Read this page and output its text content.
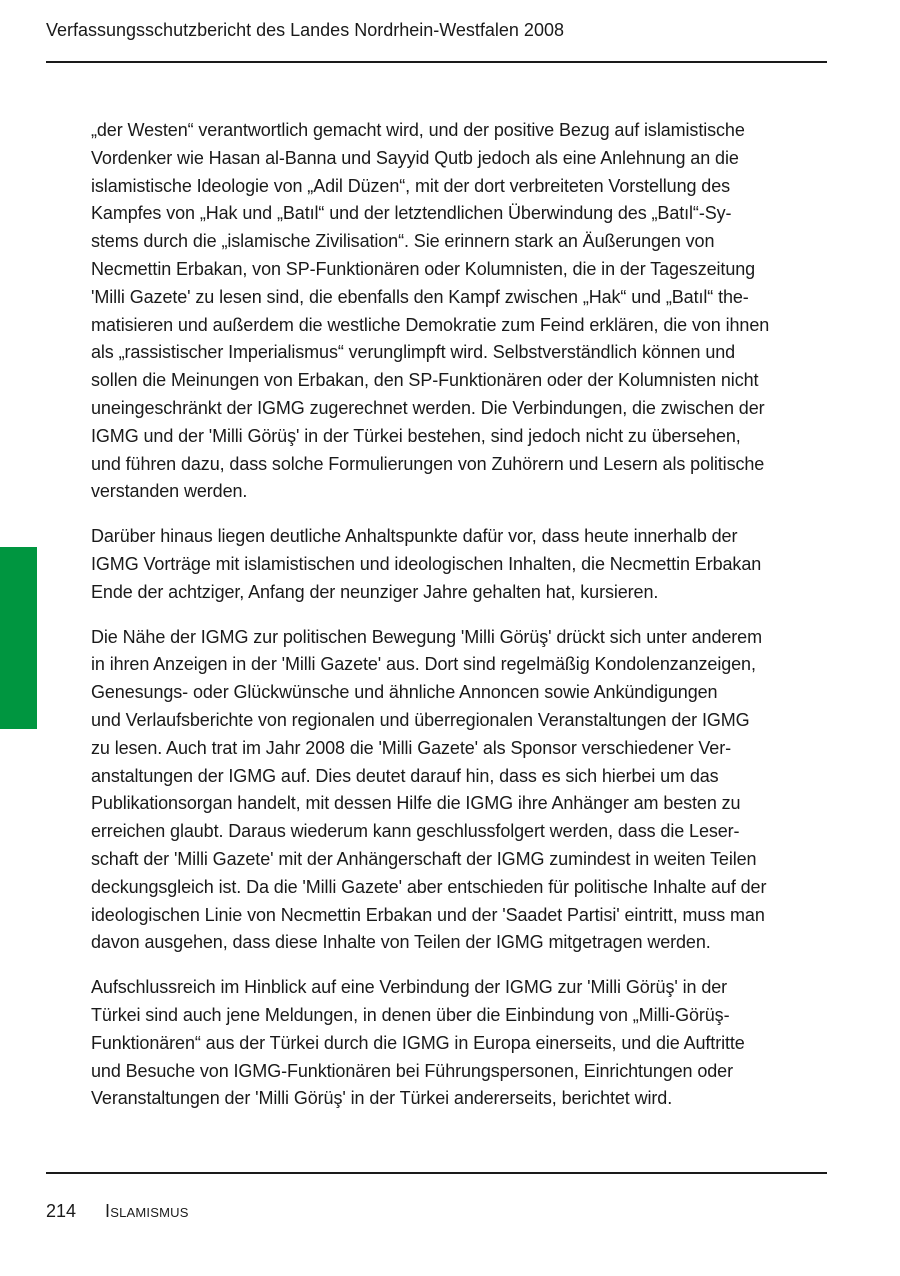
Verfassungsschutzbericht des Landes Nordrhein-Westfalen 2008
„der Westen“ verantwortlich gemacht wird, und der positive Bezug auf islamistische
Vordenker wie Hasan al-Banna und Sayyid Qutb jedoch als eine Anlehnung an die
islamistische Ideologie von „Adil Düzen“, mit der dort verbreiteten Vorstellung des
Kampfes von „Hak und „Batıl“ und der letztendlichen Überwindung des „Batıl“-Sy-
stems durch die „islamische Zivilisation“. Sie erinnern stark an Äußerungen von
Necmettin Erbakan, von SP-Funktionären oder Kolumnisten, die in der Tageszeitung
'Milli Gazete' zu lesen sind, die ebenfalls den Kampf zwischen „Hak“ und „Batıl“ the-
matisieren und außerdem die westliche Demokratie zum Feind erklären, die von ihnen
als „rassistischer Imperialismus“ verunglimpft wird. Selbstverständlich können und
sollen die Meinungen von Erbakan, den SP-Funktionären oder der Kolumnisten nicht
uneingeschränkt der IGMG zugerechnet werden. Die Verbindungen, die zwischen der
IGMG und der 'Milli Görüş' in der Türkei bestehen, sind jedoch nicht zu übersehen,
und führen dazu, dass solche Formulierungen von Zuhörern und Lesern als politische
verstanden werden.
Darüber hinaus liegen deutliche Anhaltspunkte dafür vor, dass heute innerhalb der
IGMG Vorträge mit islamistischen und ideologischen Inhalten, die Necmettin Erbakan
Ende der achtziger, Anfang der neunziger Jahre gehalten hat, kursieren.
Die Nähe der IGMG zur politischen Bewegung 'Milli Görüş' drückt sich unter anderem
in ihren Anzeigen in der 'Milli Gazete' aus. Dort sind regelmäßig Kondolenzanzeigen,
Genesungs- oder Glückwünsche und ähnliche Annoncen sowie Ankündigungen
und Verlaufsberichte von regionalen und überregionalen Veranstaltungen der IGMG
zu lesen. Auch trat im Jahr 2008 die 'Milli Gazete' als Sponsor verschiedener Ver-
anstaltungen der IGMG auf. Dies deutet darauf hin, dass es sich hierbei um das
Publikationsorgan handelt, mit dessen Hilfe die IGMG ihre Anhänger am besten zu
erreichen glaubt. Daraus wiederum kann geschlussfolgert werden, dass die Leser-
schaft der 'Milli Gazete' mit der Anhängerschaft der IGMG zumindest in weiten Teilen
deckungsgleich ist. Da die 'Milli Gazete' aber entschieden für politische Inhalte auf der
ideologischen Linie von Necmettin Erbakan und der 'Saadet Partisi' eintritt, muss man
davon ausgehen, dass diese Inhalte von Teilen der IGMG mitgetragen werden.
Aufschlussreich im Hinblick auf eine Verbindung der IGMG zur 'Milli Görüş' in der
Türkei sind auch jene Meldungen, in denen über die Einbindung von „Milli-Görüş-
Funktionären“ aus der Türkei durch die IGMG in Europa einerseits, und die Auftritte
und Besuche von IGMG-Funktionären bei Führungspersonen, Einrichtungen oder
Veranstaltungen der 'Milli Görüş' in der Türkei andererseits, berichtet wird.
214 Islamismus
